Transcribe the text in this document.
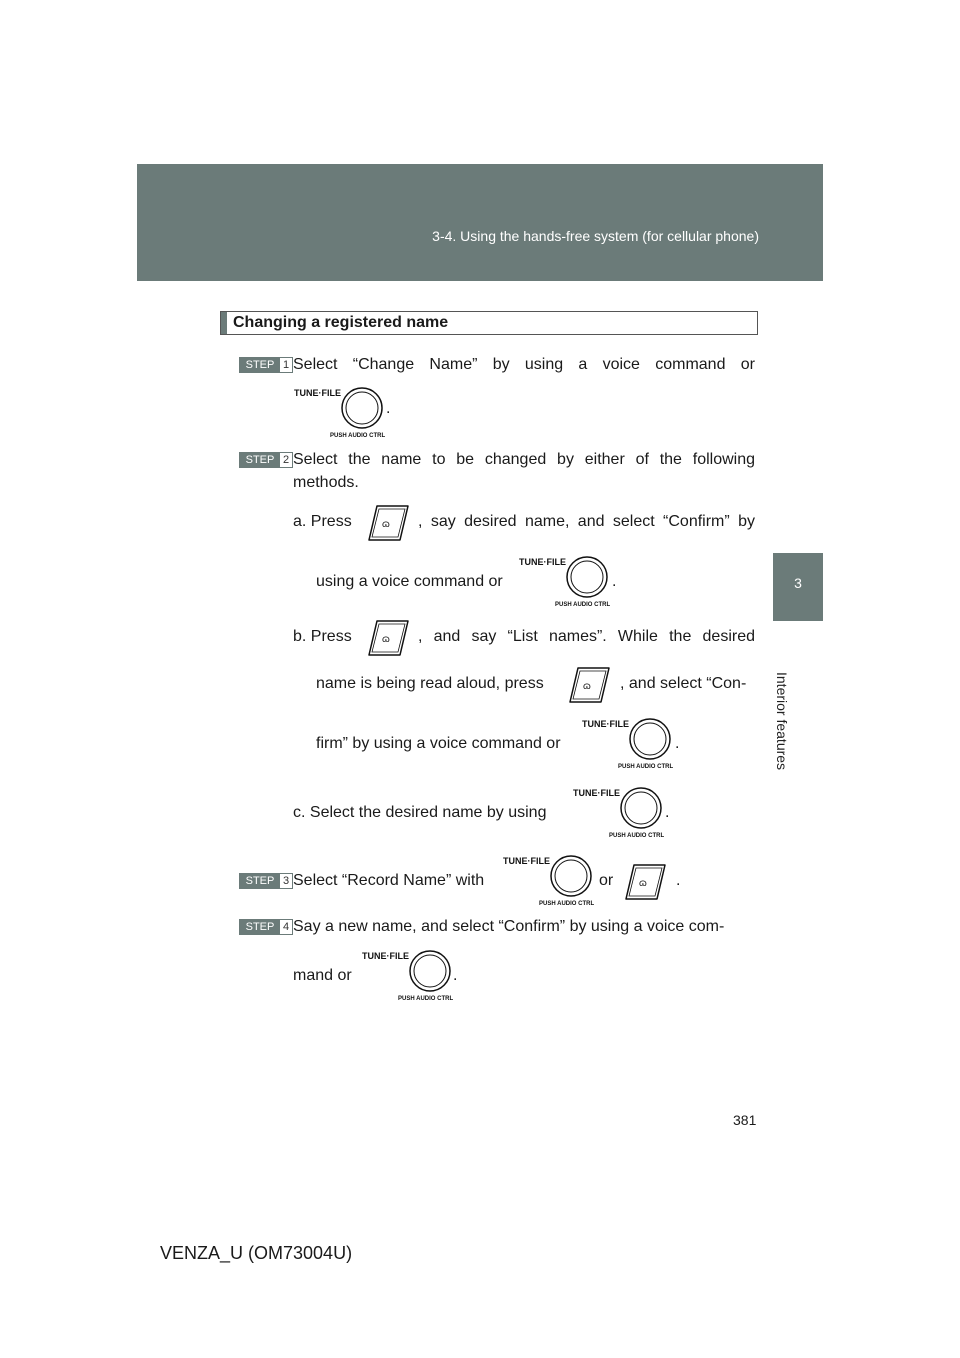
3-4. Using the hands-free system (for cellular phone)
3
Interior features
Changing a registered name
STEP 1 Select “Change Name” by using a voice command or
TUNE·FILE
PUSH AUDIO CTRL
.
STEP 2 Select the name to be changed by either of the following
methods.
a. Press	ɷ , say desired name, and select “Confirm” by
using a voice command or
TUNE·FILE
PUSH AUDIO CTRL
.
b. Press	ɷ ,  and  say  “List  names”.  While  the  desired
name is being read aloud, press	ɷ , and select “Con-
firm” by using a voice command or
TUNE·FILE
PUSH AUDIO CTRL
.
c. Select the desired name by using
TUNE·FILE
PUSH AUDIO CTRL
.
STEP 3 Select “Record Name” with
TUNE·FILE
PUSH AUDIO CTRL
or	ɷ .
STEP 4 Say a new name, and select “Confirm” by using a voice com-
mand or
TUNE·FILE
PUSH AUDIO CTRL
.
381
VENZA_U (OM73004U)
